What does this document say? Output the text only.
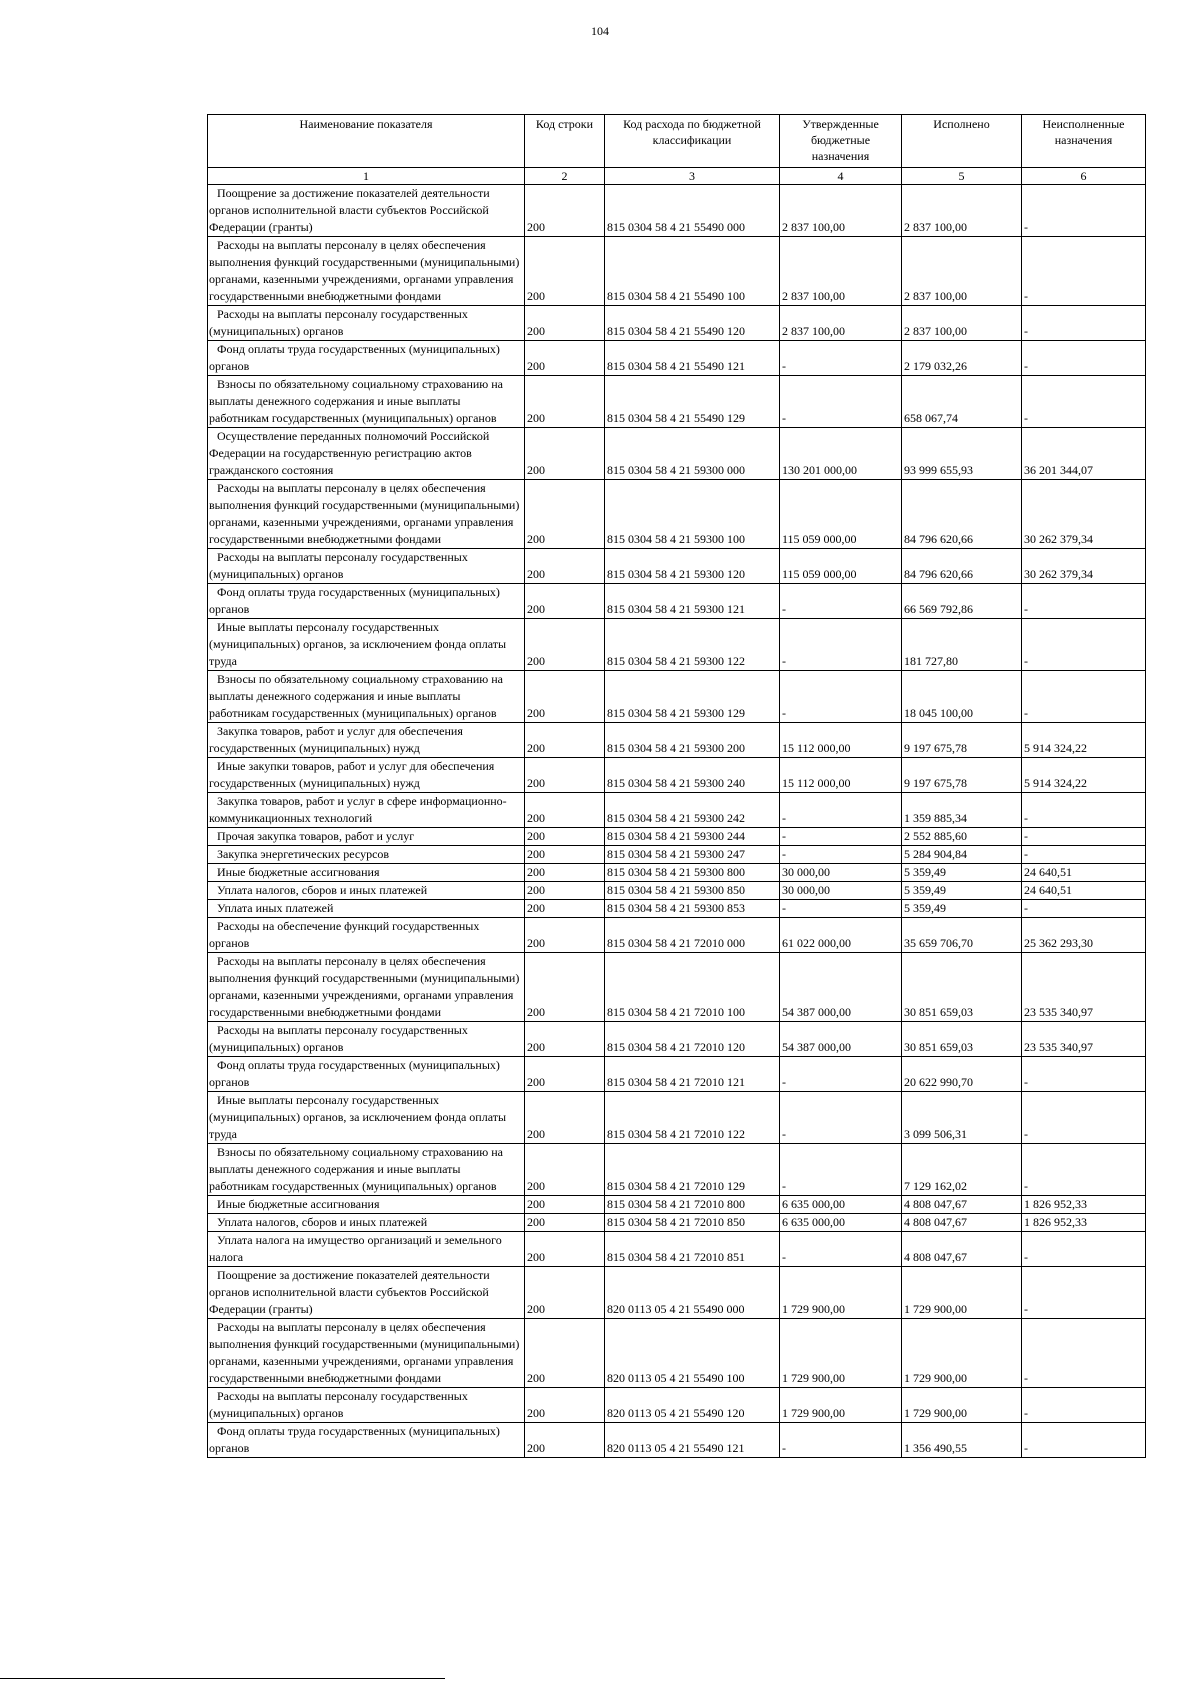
104
Наименование показателя	Код строки	Код расхода по бюджетной классификации	Утвержденные бюджетные назначения	Исполнено	Неисполненные назначения
1	2	3	4	5	6
Поощрение за достижение показателей деятельности органов исполнительной власти субъектов Российской Федерации (гранты)	200	815 0304 58 4 21 55490 000	2 837 100,00	2 837 100,00	-
Расходы на выплаты персоналу в целях обеспечения выполнения функций государственными (муниципальными) органами, казенными учреждениями, органами управления государственными внебюджетными фондами	200	815 0304 58 4 21 55490 100	2 837 100,00	2 837 100,00	-
Расходы на выплаты персоналу государственных (муниципальных) органов	200	815 0304 58 4 21 55490 120	2 837 100,00	2 837 100,00	-
Фонд оплаты труда государственных (муниципальных) органов	200	815 0304 58 4 21 55490 121	-	2 179 032,26	-
Взносы по обязательному социальному страхованию на выплаты денежного содержания и иные выплаты работникам государственных (муниципальных) органов	200	815 0304 58 4 21 55490 129	-	658 067,74	-
Осуществление переданных полномочий Российской Федерации на государственную регистрацию актов гражданского состояния	200	815 0304 58 4 21 59300 000	130 201 000,00	93 999 655,93	36 201 344,07
Расходы на выплаты персоналу в целях обеспечения выполнения функций государственными (муниципальными) органами, казенными учреждениями, органами управления государственными внебюджетными фондами	200	815 0304 58 4 21 59300 100	115 059 000,00	84 796 620,66	30 262 379,34
Расходы на выплаты персоналу государственных (муниципальных) органов	200	815 0304 58 4 21 59300 120	115 059 000,00	84 796 620,66	30 262 379,34
Фонд оплаты труда государственных (муниципальных) органов	200	815 0304 58 4 21 59300 121	-	66 569 792,86	-
Иные выплаты персоналу государственных (муниципальных) органов, за исключением фонда оплаты труда	200	815 0304 58 4 21 59300 122	-	181 727,80	-
Взносы по обязательному социальному страхованию на выплаты денежного содержания и иные выплаты работникам государственных (муниципальных) органов	200	815 0304 58 4 21 59300 129	-	18 045 100,00	-
Закупка товаров, работ и услуг для обеспечения государственных (муниципальных) нужд	200	815 0304 58 4 21 59300 200	15 112 000,00	9 197 675,78	5 914 324,22
Иные закупки товаров, работ и услуг для обеспечения государственных (муниципальных) нужд	200	815 0304 58 4 21 59300 240	15 112 000,00	9 197 675,78	5 914 324,22
Закупка товаров, работ и услуг в сфере информационно-коммуникационных технологий	200	815 0304 58 4 21 59300 242	-	1 359 885,34	-
Прочая закупка товаров, работ и услуг	200	815 0304 58 4 21 59300 244	-	2 552 885,60	-
Закупка энергетических ресурсов	200	815 0304 58 4 21 59300 247	-	5 284 904,84	-
Иные бюджетные ассигнования	200	815 0304 58 4 21 59300 800	30 000,00	5 359,49	24 640,51
Уплата налогов, сборов и иных платежей	200	815 0304 58 4 21 59300 850	30 000,00	5 359,49	24 640,51
Уплата иных платежей	200	815 0304 58 4 21 59300 853	-	5 359,49	-
Расходы на обеспечение функций государственных органов	200	815 0304 58 4 21 72010 000	61 022 000,00	35 659 706,70	25 362 293,30
Расходы на выплаты персоналу в целях обеспечения выполнения функций государственными (муниципальными) органами, казенными учреждениями, органами управления государственными внебюджетными фондами	200	815 0304 58 4 21 72010 100	54 387 000,00	30 851 659,03	23 535 340,97
Расходы на выплаты персоналу государственных (муниципальных) органов	200	815 0304 58 4 21 72010 120	54 387 000,00	30 851 659,03	23 535 340,97
Фонд оплаты труда государственных (муниципальных) органов	200	815 0304 58 4 21 72010 121	-	20 622 990,70	-
Иные выплаты персоналу государственных (муниципальных) органов, за исключением фонда оплаты труда	200	815 0304 58 4 21 72010 122	-	3 099 506,31	-
Взносы по обязательному социальному страхованию на выплаты денежного содержания и иные выплаты работникам государственных (муниципальных) органов	200	815 0304 58 4 21 72010 129	-	7 129 162,02	-
Иные бюджетные ассигнования	200	815 0304 58 4 21 72010 800	6 635 000,00	4 808 047,67	1 826 952,33
Уплата налогов, сборов и иных платежей	200	815 0304 58 4 21 72010 850	6 635 000,00	4 808 047,67	1 826 952,33
Уплата налога на имущество организаций и земельного налога	200	815 0304 58 4 21 72010 851	-	4 808 047,67	-
Поощрение за достижение показателей деятельности органов исполнительной власти субъектов Российской Федерации (гранты)	200	820 0113 05 4 21 55490 000	1 729 900,00	1 729 900,00	-
Расходы на выплаты персоналу в целях обеспечения выполнения функций государственными (муниципальными) органами, казенными учреждениями, органами управления государственными внебюджетными фондами	200	820 0113 05 4 21 55490 100	1 729 900,00	1 729 900,00	-
Расходы на выплаты персоналу государственных (муниципальных) органов	200	820 0113 05 4 21 55490 120	1 729 900,00	1 729 900,00	-
Фонд оплаты труда государственных (муниципальных) органов	200	820 0113 05 4 21 55490 121	-	1 356 490,55	-
